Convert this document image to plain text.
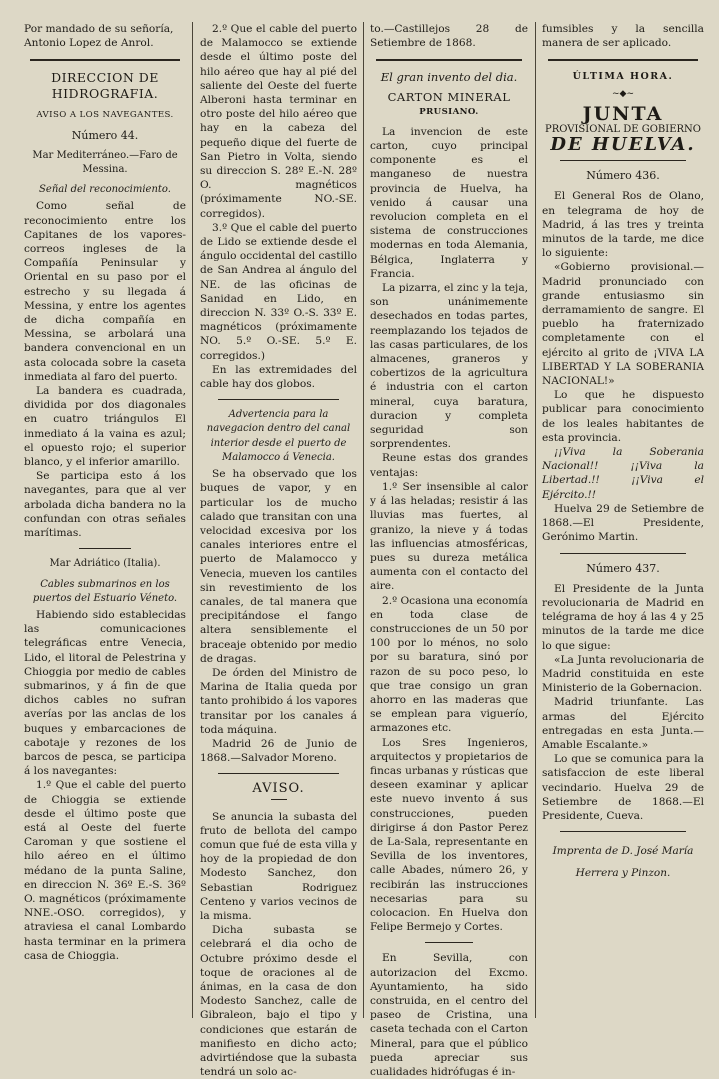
Por mandado de su señoría,

Antonio Lopez de Anrol.

DIRECCION DE HIDROGRAFIA.
AVISO A LOS NAVEGANTES.
Número 44.
Mar Mediterráneo.—Faro de Messina.
Señal del reconocimiento.

Como señal de reconocimiento entre los Capitanes de los vapores-correos ingleses de la Compañía Peninsular y Oriental en su paso por el estrecho y su llegada á Messina, y entre los agentes de dicha compañía en Messina, se arbolará una bandera convencional en un asta colocada sobre la caseta inmediata al faro del puerto.

La bandera es cuadrada, dividida por dos diagonales en cuatro triángulos El inmediato á la vaina es azul; el opuesto rojo; el superior blanco, y el inferior amarillo.

Se participa esto á los navegantes, para que al ver arbolada dicha bandera no la confundan con otras señales marítimas.

Mar Adriático (Italia).
Cables submarinos en los puertos del Estuario Véneto.

Habiendo sido establecidas las comunicaciones telegráficas entre Venecia, Lido, el litoral de Pelestrina y Chioggia por medio de cables submarinos, y á fin de que dichos cables no sufran averías por las anclas de los buques y embarcaciones de cabotaje y rezones de los barcos de pesca, se participa á los navegantes:

1.º Que el cable del puerto de Chioggia se extiende desde el último poste que está al Oeste del fuerte Caroman y que sostiene el hilo aéreo en el último médano de la punta Saline, en direccion N. 36º E.-S. 36º O. magnéticos (próximamente NNE.-OSO. corregidos), y atraviesa el canal Lombardo hasta terminar en la primera casa de Chioggia.

2.º Que el cable del puerto de Malamocco se extiende desde el último poste del hilo aéreo que hay al pié del saliente del Oeste del fuerte Alberoni hasta terminar en otro poste del hilo aéreo que hay en la cabeza del pequeño dique del fuerte de San Pietro in Volta, siendo su direccion S. 28º E.-N. 28º O. magnéticos (próximamente NO.-SE. corregidos).

3.º Que el cable del puerto de Lido se extiende desde el ángulo occidental del castillo de San Andrea al ángulo del NE. de las oficinas de Sanidad en Lido, en direccion N. 33º O.-S. 33º E. magnéticos (próximamente NO. 5.º O.-SE. 5.º E. corregidos.)

En las extremidades del cable hay dos globos.

Advertencia para la navegacion dentro del canal interior desde el puerto de Malamocco á Venecia.

Se ha observado que los buques de vapor, y en particular los de mucho calado que transitan con una velocidad excesiva por los canales interiores entre el puerto de Malamocco y Venecia, mueven los cantiles sin revestimiento de los canales, de tal manera que precipitándose el fango altera sensiblemente el braceaje obtenido por medio de dragas.

De órden del Ministro de Marina de Italia queda por tanto prohibido á los vapores transitar por los canales á toda máquina.

Madrid 26 de Junio de 1868.—Salvador Moreno.

AVISO.

Se anuncia la subasta del fruto de bellota del campo comun que fué de esta villa y hoy de la propiedad de don Modesto Sanchez, don Sebastian Rodriguez Centeno y varios vecinos de la misma.

Dicha subasta se celebrará el dia ocho de Octubre próximo desde el toque de oraciones al de ánimas, en la casa de don Modesto Sanchez, calle de Gibraleon, bajo el tipo y condiciones que estarán de manifiesto en dicho acto; advirtiéndose que la subasta tendrá un solo ac-

to.—Castillejos 28 de Setiembre de 1868.

El gran invento del dia.
CARTON MINERAL
PRUSIANO.

La invencion de este carton, cuyo principal componente es el manganeso de nuestra provincia de Huelva, ha venido á causar una revolucion completa en el sistema de construcciones modernas en toda Alemania, Bélgica, Inglaterra y Francia.

La pizarra, el zinc y la teja, son unánimemente desechados en todas partes, reemplazando los tejados de las casas particulares, de los almacenes, graneros y cobertizos de la agricultura é industria con el carton mineral, cuya baratura, duracion y completa seguridad son sorprendentes.

Reune estas dos grandes ventajas:

1.º Ser insensible al calor y á las heladas; resistir á las lluvias mas fuertes, al granizo, la nieve y á todas las influencias atmosféricas, pues su dureza metálica aumenta con el contacto del aire.

2.º Ocasiona una economía en toda clase de construcciones de un 50 por 100 por lo ménos, no solo por su baratura, sinó por razon de su poco peso, lo que trae consigo un gran ahorro en las maderas que se emplean para viguerío, armazones etc.

Los Sres Ingenieros, arquitectos y propietarios de fincas urbanas y rústicas que deseen examinar y aplicar este nuevo invento á sus construcciones, pueden dirigirse á don Pastor Perez de La-Sala, representante en Sevilla de los inventores, calle Abades, número 26, y recibirán las instrucciones necesarias para su colocacion. En Huelva don Felipe Bermejo y Cortes.

En Sevilla, con autorizacion del Excmo. Ayuntamiento, ha sido construida, en el centro del paseo de Cristina, una caseta techada con el Carton Mineral, para que el público pueda apreciar sus cualidades hidrófugas é in-

fumsibles y la sencilla manera de ser aplicado.

ÚLTIMA HORA.
~◆~
JUNTA
PROVISIONAL DE GOBIERNO
DE HUELVA.
Número 436.

El General Ros de Olano, en telegrama de hoy de Madrid, á las tres y treinta minutos de la tarde, me dice lo siguiente:

«Gobierno provisional.—Madrid pronunciado con grande entusiasmo sin derramamiento de sangre. El pueblo ha fraternizado completamente con el ejército al grito de ¡VIVA LA LIBERTAD Y LA SOBERANIA NACIONAL!»

Lo que he dispuesto publicar para conocimiento de los leales habitantes de esta provincia.

¡¡Viva la Soberania Nacional!! ¡¡Viva la Libertad.!! ¡¡Viva el Ejército.!!

Huelva 29 de Setiembre de 1868.—El Presidente, Gerónimo Martin.

Número 437.

El Presidente de la Junta revolucionaria de Madrid en telégrama de hoy á las 4 y 25 minutos de la tarde me dice lo que sigue:

«La Junta revolucionaria de Madrid constituida en este Ministerio de la Gobernacion.

Madrid triunfante. Las armas del Ejército entregadas en esta Junta.—Amable Escalante.»

Lo que se comunica para la satisfaccion de este liberal vecindario. Huelva 29 de Setiembre de 1868.—El Presidente, Cueva.

Imprenta de D. José María
Herrera y Pinzon.
